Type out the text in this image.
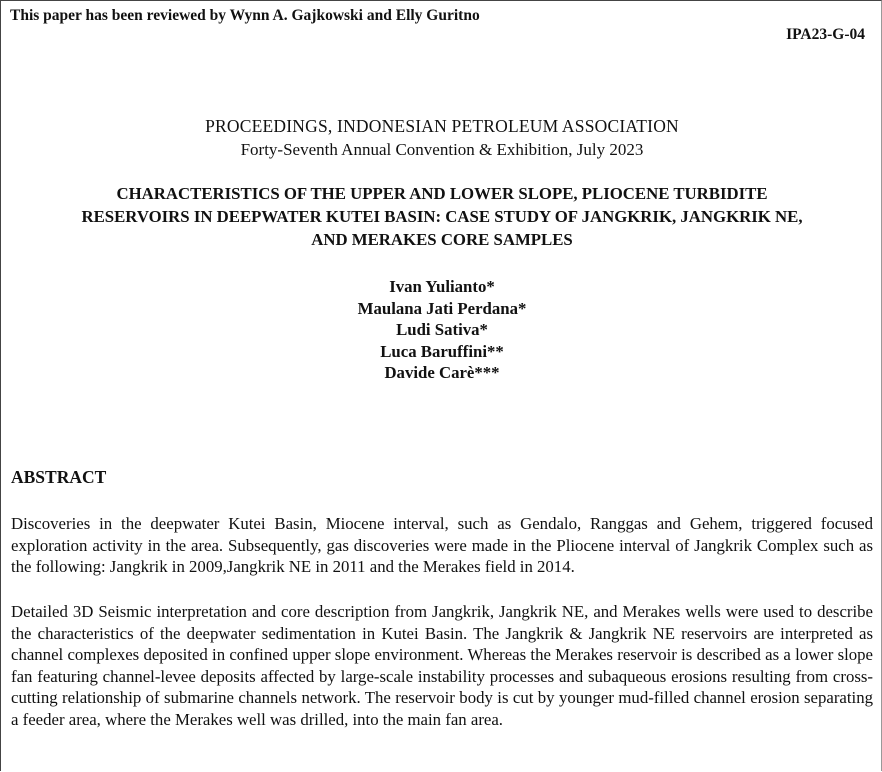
This paper has been reviewed by Wynn A. Gajkowski and Elly Guritno
IPA23-G-04
PROCEEDINGS, INDONESIAN PETROLEUM ASSOCIATION
Forty-Seventh Annual Convention & Exhibition, July 2023
CHARACTERISTICS OF THE UPPER AND LOWER SLOPE, PLIOCENE TURBIDITE
RESERVOIRS IN DEEPWATER KUTEI BASIN: CASE STUDY OF JANGKRIK, JANGKRIK NE,
AND MERAKES CORE SAMPLES
Ivan Yulianto*
Maulana Jati Perdana*
Ludi Sativa*
Luca Baruffini**
Davide Carè***
ABSTRACT
Discoveries in the deepwater Kutei Basin, Miocene interval, such as Gendalo, Ranggas and Gehem, triggered focused exploration activity in the area. Subsequently, gas discoveries were made in the Pliocene interval of Jangkrik Complex such as the following: Jangkrik in 2009,Jangkrik NE in 2011 and the Merakes field in 2014.
Detailed 3D Seismic interpretation and core description from Jangkrik, Jangkrik NE, and Merakes wells were used to describe the characteristics of the deepwater sedimentation in Kutei Basin. The Jangkrik & Jangkrik NE reservoirs are interpreted as channel complexes deposited in confined upper slope environment. Whereas the Merakes reservoir is described as a lower slope fan featuring channel-levee deposits affected by large-scale instability processes and subaqueous erosions resulting from cross-cutting relationship of submarine channels network. The reservoir body is cut by younger mud-filled channel erosion separating a feeder area, where the Merakes well was drilled, into the main fan area.
